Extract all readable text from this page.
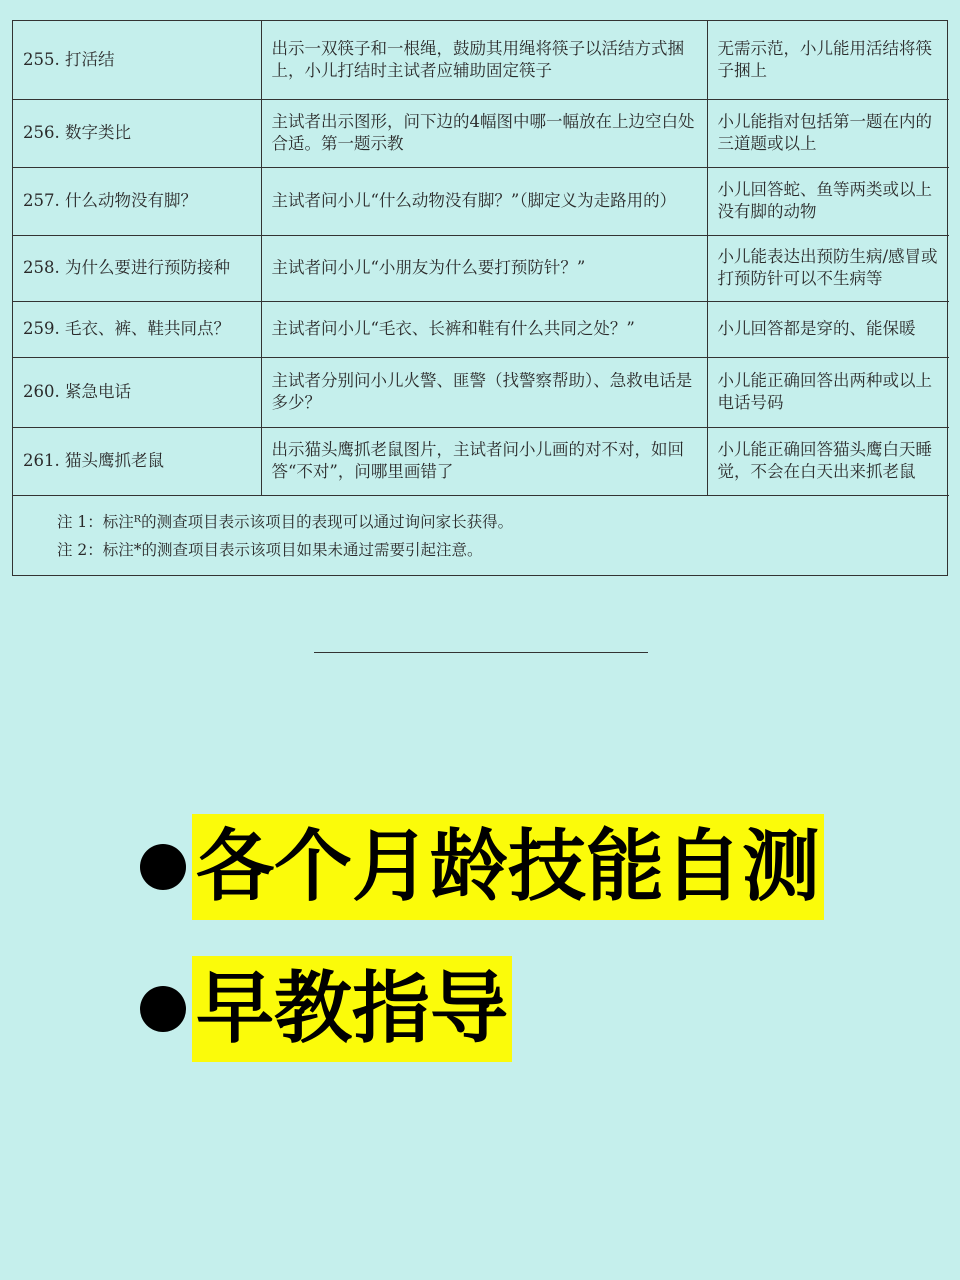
255. 打活结	出示一双筷子和一根绳，鼓励其用绳将筷子以活结方式捆上，小儿打结时主试者应辅助固定筷子	无需示范，小儿能用活结将筷子捆上
256. 数字类比	主试者出示图形，问下边的4幅图中哪一幅放在上边空白处合适。第一题示教	小儿能指对包括第一题在内的三道题或以上
257. 什么动物没有脚？	主试者问小儿“什么动物没有脚？”（脚定义为走路用的）	小儿回答蛇、鱼等两类或以上没有脚的动物
258. 为什么要进行预防接种	主试者问小儿“小朋友为什么要打预防针？”	小儿能表达出预防生病/感冒或打预防针可以不生病等
259. 毛衣、裤、鞋共同点？	主试者问小儿“毛衣、长裤和鞋有什么共同之处？”	小儿回答都是穿的、能保暖
260. 紧急电话	主试者分别问小儿火警、匪警（找警察帮助）、急救电话是多少？	小儿能正确回答出两种或以上电话号码
261. 猫头鹰抓老鼠	出示猫头鹰抓老鼠图片，主试者问小儿画的对不对，如回答“不对”，问哪里画错了	小儿能正确回答猫头鹰白天睡觉，不会在白天出来抓老鼠

注 1：标注ᴿ的测查项目表示该项目的表现可以通过询问家长获得。
注 2：标注*的测查项目表示该项目如果未通过需要引起注意。		
各个月龄技能自测
早教指导
